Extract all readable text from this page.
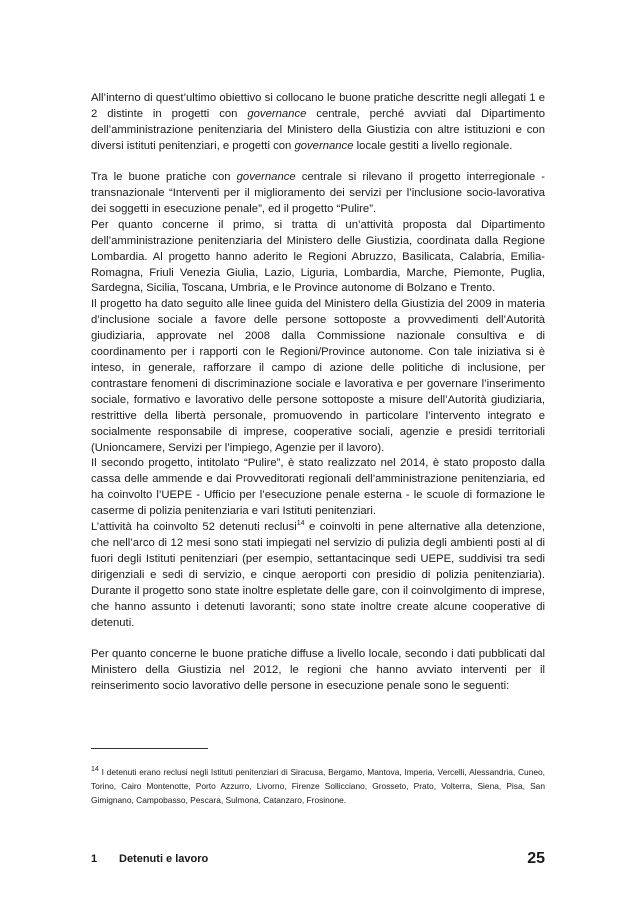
All’interno di quest’ultimo obiettivo si collocano le buone pratiche descritte negli allegati 1 e 2 distinte in progetti con governance centrale, perché avviati dal Dipartimento dell’amministrazione penitenziaria del Ministero della Giustizia con altre istituzioni e con diversi istituti penitenziari, e progetti con governance locale gestiti a livello regionale.

Tra le buone pratiche con governance centrale si rilevano il progetto interregionale - transnazionale “Interventi per il miglioramento dei servizi per l’inclusione socio-lavorativa dei soggetti in esecuzione penale”, ed il progetto “Pulire”.

Per quanto concerne il primo, si tratta di un’attività proposta dal Dipartimento dell’amministrazione penitenziaria del Ministero delle Giustizia, coordinata dalla Regione Lombardia. Al progetto hanno aderito le Regioni Abruzzo, Basilicata, Calabria, Emilia-Romagna, Friuli Venezia Giulia, Lazio, Liguria, Lombardia, Marche, Piemonte, Puglia, Sardegna, Sicilia, Toscana, Umbria, e le Province autonome di Bolzano e Trento.

Il progetto ha dato seguito alle linee guida del Ministero della Giustizia del 2009 in materia d’inclusione sociale a favore delle persone sottoposte a provvedimenti dell’Autorità giudiziaria, approvate nel 2008 dalla Commissione nazionale consultiva e di coordinamento per i rapporti con le Regioni/Province autonome. Con tale iniziativa si è inteso, in generale, rafforzare il campo di azione delle politiche di inclusione, per contrastare fenomeni di discriminazione sociale e lavorativa e per governare l’inserimento sociale, formativo e lavorativo delle persone sottoposte a misure dell’Autorità giudiziaria, restrittive della libertà personale, promuovendo in particolare l’intervento integrato e socialmente responsabile di imprese, cooperative sociali, agenzie e presidi territoriali (Unioncamere, Servizi per l’impiego, Agenzie per il lavoro).

Il secondo progetto, intitolato “Pulire”, è stato realizzato nel 2014, è stato proposto dalla cassa delle ammende e dai Provveditorati regionali dell’amministrazione penitenziaria, ed ha coinvolto l’UEPE - Ufficio per l’esecuzione penale esterna - le scuole di formazione le caserme di polizia penitenziaria e vari Istituti penitenziari.

L’attività ha coinvolto 52 detenuti reclusi$^{14}$ e coinvolti in pene alternative alla detenzione, che nell’arco di 12 mesi sono stati impiegati nel servizio di pulizia degli ambienti posti al di fuori degli Istituti penitenziari (per esempio, settantacinque sedi UEPE, suddivisi tra sedi dirigenziali e sedi di servizio, e cinque aeroporti con presidio di polizia penitenziaria). Durante il progetto sono state inoltre espletate delle gare, con il coinvolgimento di imprese, che hanno assunto i detenuti lavoranti; sono state inoltre create alcune cooperative di detenuti.

Per quanto concerne le buone pratiche diffuse a livello locale, secondo i dati pubblicati dal Ministero della Giustizia nel 2012, le regioni che hanno avviato interventi per il reinserimento socio lavorativo delle persone in esecuzione penale sono le seguenti:

$^{14}$ I detenuti erano reclusi negli Istituti penitenziari di Siracusa, Bergamo, Mantova, Imperia, Vercelli, Alessandria, Cuneo, Torino, Cairo Montenotte, Porto Azzurro, Livorno, Firenze Sollicciano, Grosseto, Prato, Volterra, Siena, Pisa, San Gimignano, Campobasso, Pescara, Sulmona, Catanzaro, Frosinone.
1 Detenuti e lavoro	25
